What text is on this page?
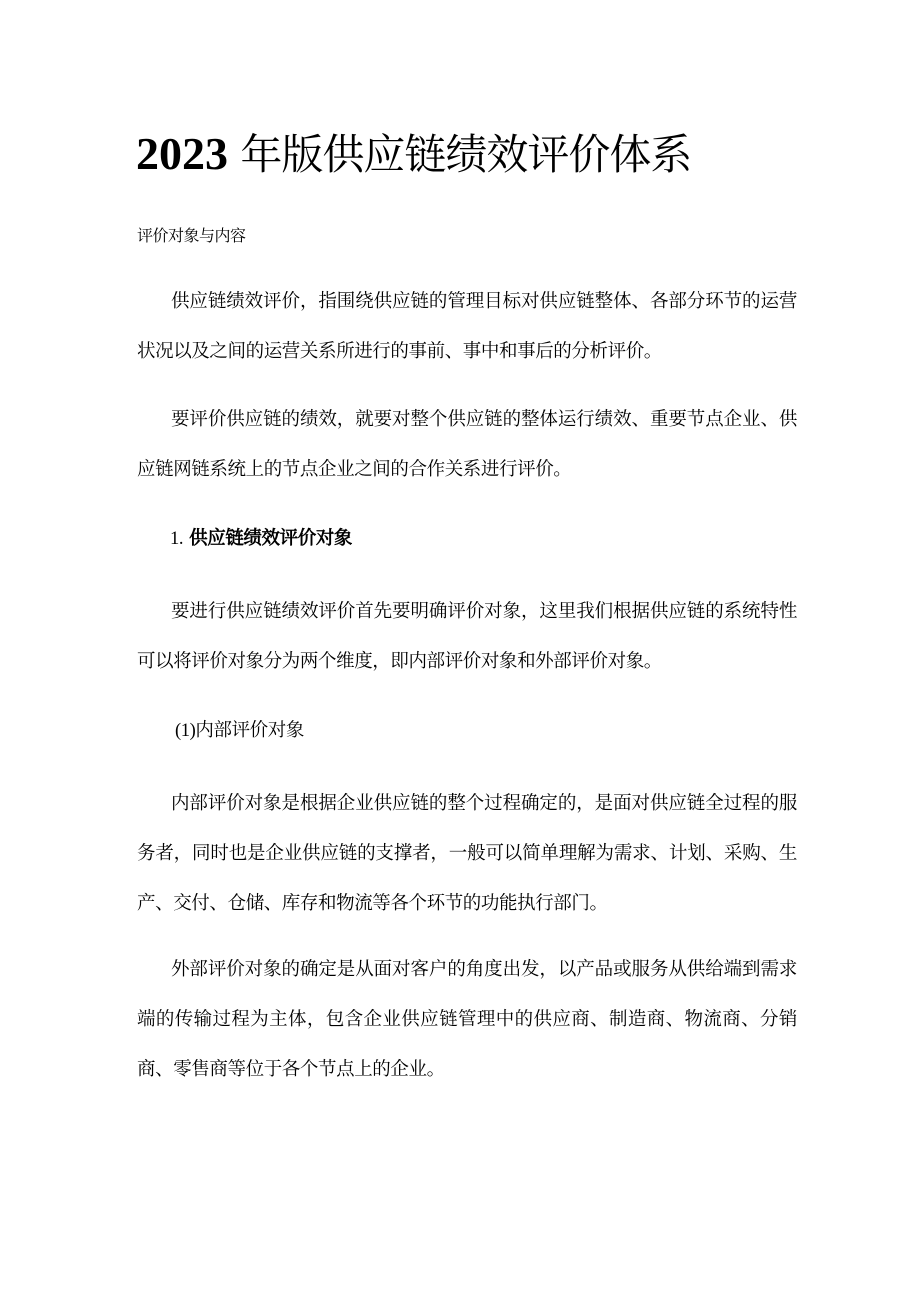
2023 年版供应链绩效评价体系

评价对象与内容

供应链绩效评价，指围绕供应链的管理目标对供应链整体、各部分环节的运营状况以及之间的运营关系所进行的事前、事中和事后的分析评价。

要评价供应链的绩效，就要对整个供应链的整体运行绩效、重要节点企业、供应链网链系统上的节点企业之间的合作关系进行评价。

1. 供应链绩效评价对象

要进行供应链绩效评价首先要明确评价对象，这里我们根据供应链的系统特性可以将评价对象分为两个维度，即内部评价对象和外部评价对象。

(1)内部评价对象

内部评价对象是根据企业供应链的整个过程确定的，是面对供应链全过程的服务者，同时也是企业供应链的支撑者，一般可以简单理解为需求、计划、采购、生产、交付、仓储、库存和物流等各个环节的功能执行部门。

外部评价对象的确定是从面对客户的角度出发，以产品或服务从供给端到需求端的传输过程为主体，包含企业供应链管理中的供应商、制造商、物流商、分销商、零售商等位于各个节点上的企业。
